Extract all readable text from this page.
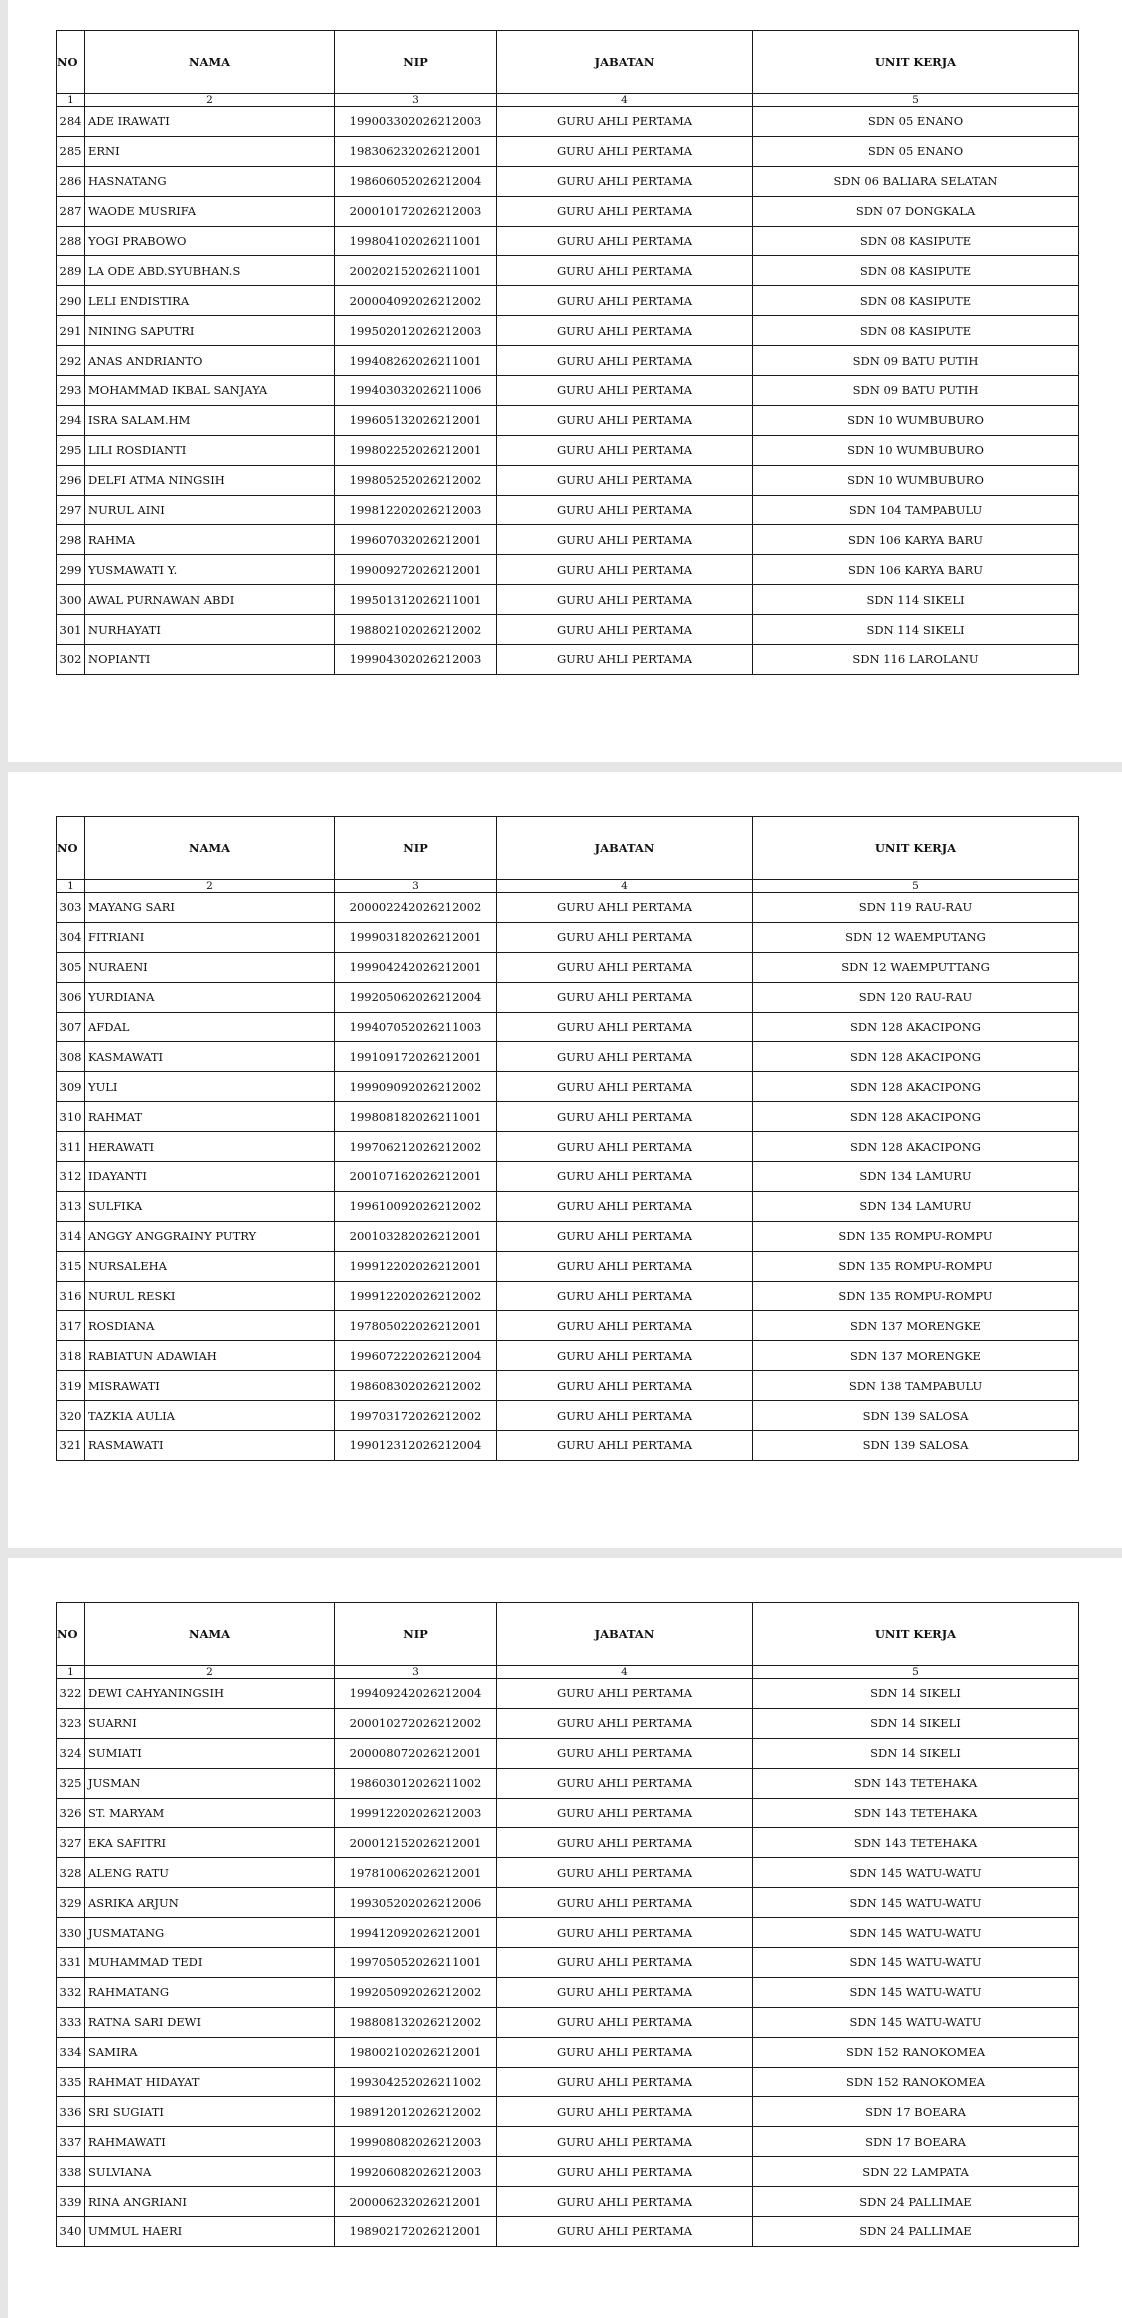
NO	NAMA	NIP	JABATAN	UNIT KERJA
1	2	3	4	5
284	ADE IRAWATI	199003302026212003	GURU AHLI PERTAMA	SDN 05 ENANO
285	ERNI	198306232026212001	GURU AHLI PERTAMA	SDN 05 ENANO
286	HASNATANG	198606052026212004	GURU AHLI PERTAMA	SDN 06 BALIARA SELATAN
287	WAODE MUSRIFA	200010172026212003	GURU AHLI PERTAMA	SDN 07 DONGKALA
288	YOGI PRABOWO	199804102026211001	GURU AHLI PERTAMA	SDN 08 KASIPUTE
289	LA ODE ABD.SYUBHAN.S	200202152026211001	GURU AHLI PERTAMA	SDN 08 KASIPUTE
290	LELI ENDISTIRA	200004092026212002	GURU AHLI PERTAMA	SDN 08 KASIPUTE
291	NINING SAPUTRI	199502012026212003	GURU AHLI PERTAMA	SDN 08 KASIPUTE
292	ANAS ANDRIANTO	199408262026211001	GURU AHLI PERTAMA	SDN 09 BATU PUTIH
293	MOHAMMAD IKBAL SANJAYA	199403032026211006	GURU AHLI PERTAMA	SDN 09 BATU PUTIH
294	ISRA SALAM.HM	199605132026212001	GURU AHLI PERTAMA	SDN 10 WUMBUBURO
295	LILI ROSDIANTI	199802252026212001	GURU AHLI PERTAMA	SDN 10 WUMBUBURO
296	DELFI ATMA NINGSIH	199805252026212002	GURU AHLI PERTAMA	SDN 10 WUMBUBURO
297	NURUL AINI	199812202026212003	GURU AHLI PERTAMA	SDN 104 TAMPABULU
298	RAHMA	199607032026212001	GURU AHLI PERTAMA	SDN 106 KARYA BARU
299	YUSMAWATI Y.	199009272026212001	GURU AHLI PERTAMA	SDN 106 KARYA BARU
300	AWAL PURNAWAN ABDI	199501312026211001	GURU AHLI PERTAMA	SDN 114 SIKELI
301	NURHAYATI	198802102026212002	GURU AHLI PERTAMA	SDN 114 SIKELI
302	NOPIANTI	199904302026212003	GURU AHLI PERTAMA	SDN 116 LAROLANU
NO	NAMA	NIP	JABATAN	UNIT KERJA
1	2	3	4	5
303	MAYANG SARI	200002242026212002	GURU AHLI PERTAMA	SDN 119 RAU-RAU
304	FITRIANI	199903182026212001	GURU AHLI PERTAMA	SDN 12 WAEMPUTANG
305	NURAENI	199904242026212001	GURU AHLI PERTAMA	SDN 12 WAEMPUTTANG
306	YURDIANA	199205062026212004	GURU AHLI PERTAMA	SDN 120 RAU-RAU
307	AFDAL	199407052026211003	GURU AHLI PERTAMA	SDN 128 AKACIPONG
308	KASMAWATI	199109172026212001	GURU AHLI PERTAMA	SDN 128 AKACIPONG
309	YULI	199909092026212002	GURU AHLI PERTAMA	SDN 128 AKACIPONG
310	RAHMAT	199808182026211001	GURU AHLI PERTAMA	SDN 128 AKACIPONG
311	HERAWATI	199706212026212002	GURU AHLI PERTAMA	SDN 128 AKACIPONG
312	IDAYANTI	200107162026212001	GURU AHLI PERTAMA	SDN 134 LAMURU
313	SULFIKA	199610092026212002	GURU AHLI PERTAMA	SDN 134 LAMURU
314	ANGGY ANGGRAINY PUTRY	200103282026212001	GURU AHLI PERTAMA	SDN 135 ROMPU-ROMPU
315	NURSALEHA	199912202026212001	GURU AHLI PERTAMA	SDN 135 ROMPU-ROMPU
316	NURUL RESKI	199912202026212002	GURU AHLI PERTAMA	SDN 135 ROMPU-ROMPU
317	ROSDIANA	197805022026212001	GURU AHLI PERTAMA	SDN 137 MORENGKE
318	RABIATUN ADAWIAH	199607222026212004	GURU AHLI PERTAMA	SDN 137 MORENGKE
319	MISRAWATI	198608302026212002	GURU AHLI PERTAMA	SDN 138 TAMPABULU
320	TAZKIA AULIA	199703172026212002	GURU AHLI PERTAMA	SDN 139 SALOSA
321	RASMAWATI	199012312026212004	GURU AHLI PERTAMA	SDN 139 SALOSA
NO	NAMA	NIP	JABATAN	UNIT KERJA
1	2	3	4	5
322	DEWI CAHYANINGSIH	199409242026212004	GURU AHLI PERTAMA	SDN 14 SIKELI
323	SUARNI	200010272026212002	GURU AHLI PERTAMA	SDN 14 SIKELI
324	SUMIATI	200008072026212001	GURU AHLI PERTAMA	SDN 14 SIKELI
325	JUSMAN	198603012026211002	GURU AHLI PERTAMA	SDN 143 TETEHAKA
326	ST. MARYAM	199912202026212003	GURU AHLI PERTAMA	SDN 143 TETEHAKA
327	EKA SAFITRI	200012152026212001	GURU AHLI PERTAMA	SDN 143 TETEHAKA
328	ALENG RATU	197810062026212001	GURU AHLI PERTAMA	SDN 145 WATU-WATU
329	ASRIKA ARJUN	199305202026212006	GURU AHLI PERTAMA	SDN 145 WATU-WATU
330	JUSMATANG	199412092026212001	GURU AHLI PERTAMA	SDN 145 WATU-WATU
331	MUHAMMAD TEDI	199705052026211001	GURU AHLI PERTAMA	SDN 145 WATU-WATU
332	RAHMATANG	199205092026212002	GURU AHLI PERTAMA	SDN 145 WATU-WATU
333	RATNA SARI DEWI	198808132026212002	GURU AHLI PERTAMA	SDN 145 WATU-WATU
334	SAMIRA	198002102026212001	GURU AHLI PERTAMA	SDN 152 RANOKOMEA
335	RAHMAT HIDAYAT	199304252026211002	GURU AHLI PERTAMA	SDN 152 RANOKOMEA
336	SRI SUGIATI	198912012026212002	GURU AHLI PERTAMA	SDN 17 BOEARA
337	RAHMAWATI	199908082026212003	GURU AHLI PERTAMA	SDN 17 BOEARA
338	SULVIANA	199206082026212003	GURU AHLI PERTAMA	SDN 22 LAMPATA
339	RINA ANGRIANI	200006232026212001	GURU AHLI PERTAMA	SDN 24 PALLIMAE
340	UMMUL HAERI	198902172026212001	GURU AHLI PERTAMA	SDN 24 PALLIMAE
